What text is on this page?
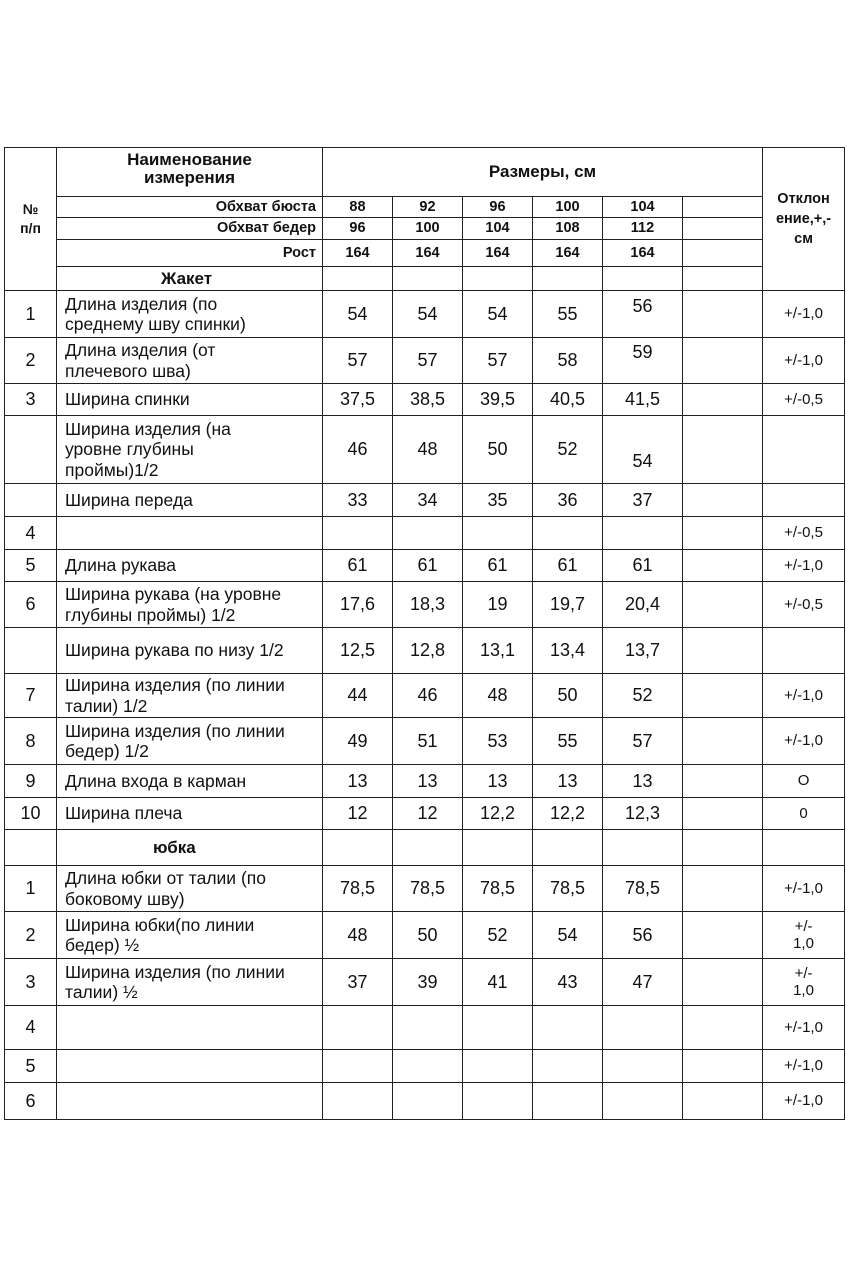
№
п/п	Наименование
измерения	Размеры, см						Отклон
ение,+,-
см
	Обхват бюста	88	92	96	100	104		
	Обхват бедер	96	100	104	108	112		
	Рост	164	164	164	164	164		
	Жакет							
1	Длина изделия (по
среднему шву спинки)	54	54	54	55	56		+/-1,0
2	Длина изделия (от
плечевого шва)	57	57	57	58	59		+/-1,0
3	Ширина спинки	37,5	38,5	39,5	40,5	41,5		+/-0,5

	Ширина изделия (на
уровне глубины
проймы)1/2	46	48	50	52	54		

	Ширина переда	33	34	35	36	37		
4								+/-0,5
5	Длина рукава	61	61	61	61	61		+/-1,0
6	Ширина рукава (на уровне
глубины проймы) 1/2	17,6	18,3	19	19,7	20,4		+/-0,5

	Ширина рукава по низу 1/2	12,5	12,8	13,1	13,4	13,7		
7	Ширина изделия (по линии
талии) 1/2	44	46	48	50	52		+/-1,0
8	Ширина изделия (по линии
бедер) 1/2	49	51	53	55	57		+/-1,0
9	Длина входа в карман	13	13	13	13	13		О
10	Ширина плеча	12	12	12,2	12,2	12,3		0
	юбка							
1	Длина юбки от талии (по
боковому шву)	78,5	78,5	78,5	78,5	78,5		+/-1,0
2	Ширина юбки(по линии
бедер) ½	48	50	52	54	56		+/-
1,0
3	Ширина изделия (по линии
талии) ½	37	39	41	43	47		+/-
1,0
4								+/-1,0
5								+/-1,0
6								+/-1,0
